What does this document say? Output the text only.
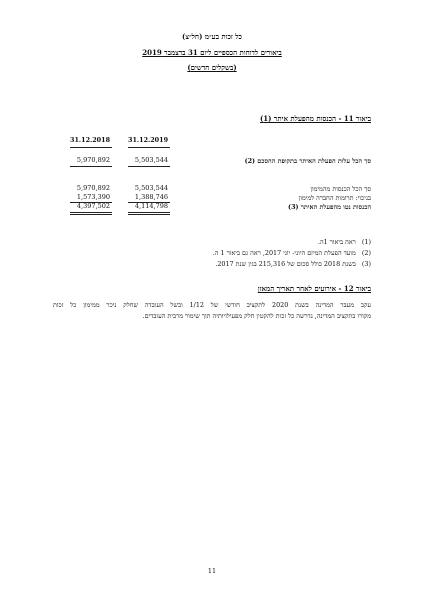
כל זכות בע״מ (חל״צ)
ביאורים לדוחות הכספיים ליום 31 בדצמבר 2019
(בשקלים חדשים)
ביאור 11 - הכנסות מהפעלת איתר (1)
31.12.2019
31.12.2018
סך הכל עלות הפעלת האיתר בתקופת ההסכם (2)
5,503,544
5,970,892
סך הכל הכנסות מהמימון
5,503,544
5,970,892
בניכוי: תרומות החברה למימון
1,388,746
1,573,390
הכנסות נטו מהפעלת האיתר (3)
4,114,798
4,397,502
(1)   ראה ביאור 1ה.
(2)   מועד הפעלת המיזם היוני- יוני 2017, ראה גם ביאור 1 ה.
(3)   בשנת 2018 כולל סכום של 215,316 בגין שנת 2017.
ביאור 12 - אירועים לאחר תאריך המאזן
עקב מעבר המדינה בשנת 2020 לתקציב חודשי של 1/12 ובשל העובדה שחלק ניכר ממימון כל זכות
מקורו בתקציב המדינה, נדרשה כל זכות להקטין חלק מפעילויותיה תוך שימור מרבית העובדים.
11
